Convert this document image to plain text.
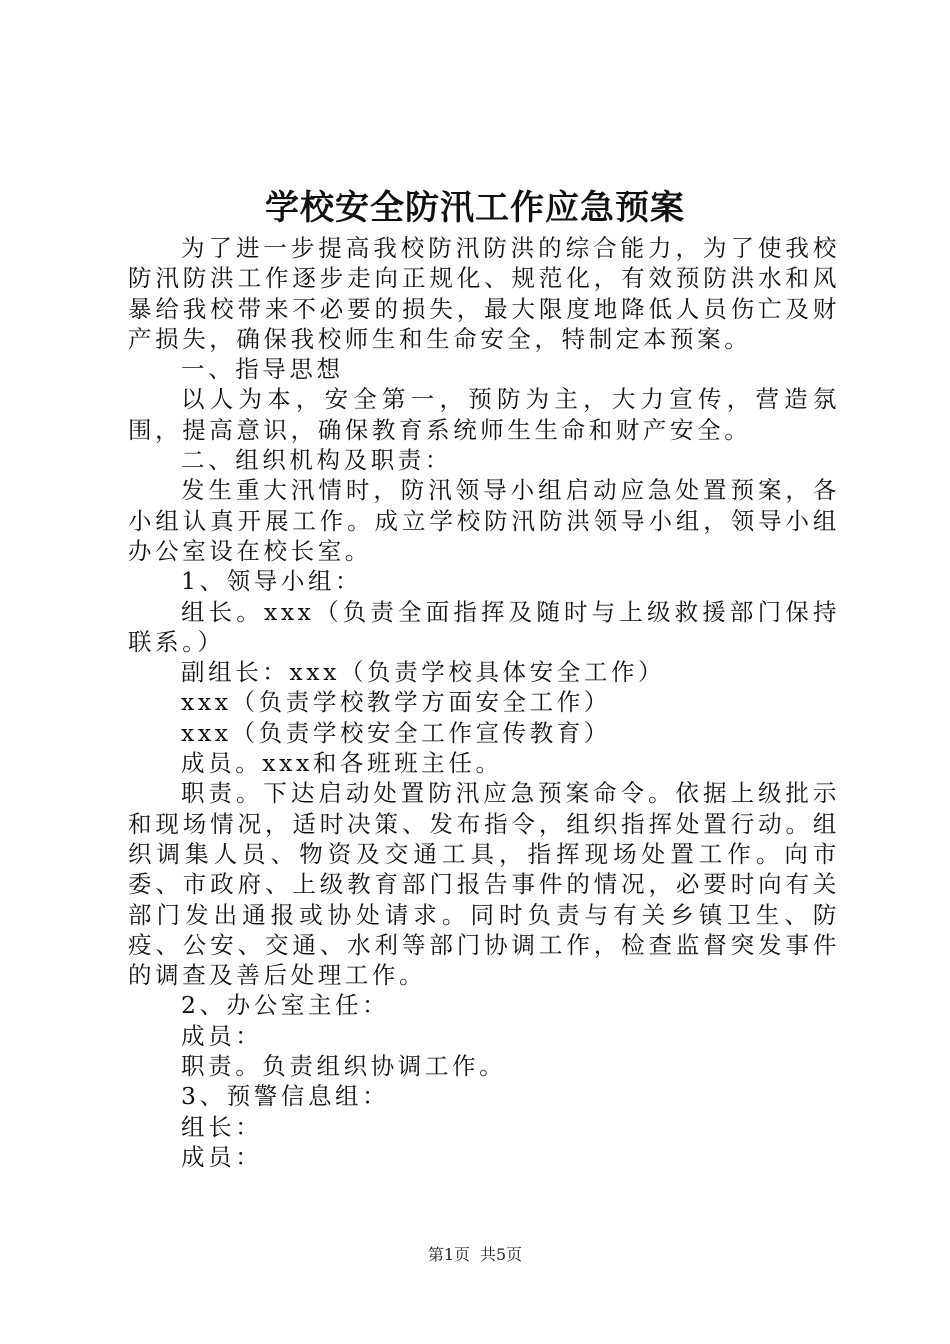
学校安全防汛工作应急预案

为了进一步提高我校防汛防洪的综合能力，为了使我校防汛防洪工作逐步走向正规化、规范化，有效预防洪水和风暴给我校带来不必要的损失，最大限度地降低人员伤亡及财产损失，确保我校师生和生命安全，特制定本预案。

一、指导思想

以人为本，安全第一，预防为主，大力宣传，营造氛围，提高意识，确保教育系统师生生命和财产安全。

二、组织机构及职责：

发生重大汛情时，防汛领导小组启动应急处置预案，各小组认真开展工作。成立学校防汛防洪领导小组，领导小组办公室设在校长室。

1、领导小组：

组长。xxx（负责全面指挥及随时与上级救援部门保持联系。）

副组长：xxx（负责学校具体安全工作）

xxx（负责学校教学方面安全工作）

xxx（负责学校安全工作宣传教育）

成员。xxx和各班班主任。

职责。下达启动处置防汛应急预案命令。依据上级批示和现场情况，适时决策、发布指令，组织指挥处置行动。组织调集人员、物资及交通工具，指挥现场处置工作。向市委、市政府、上级教育部门报告事件的情况，必要时向有关部门发出通报或协处请求。同时负责与有关乡镇卫生、防疫、公安、交通、水利等部门协调工作，检查监督突发事件的调查及善后处理工作。

2、办公室主任：

成员：

职责。负责组织协调工作。

3、预警信息组：

组长：

成员：

第1页 共5页
